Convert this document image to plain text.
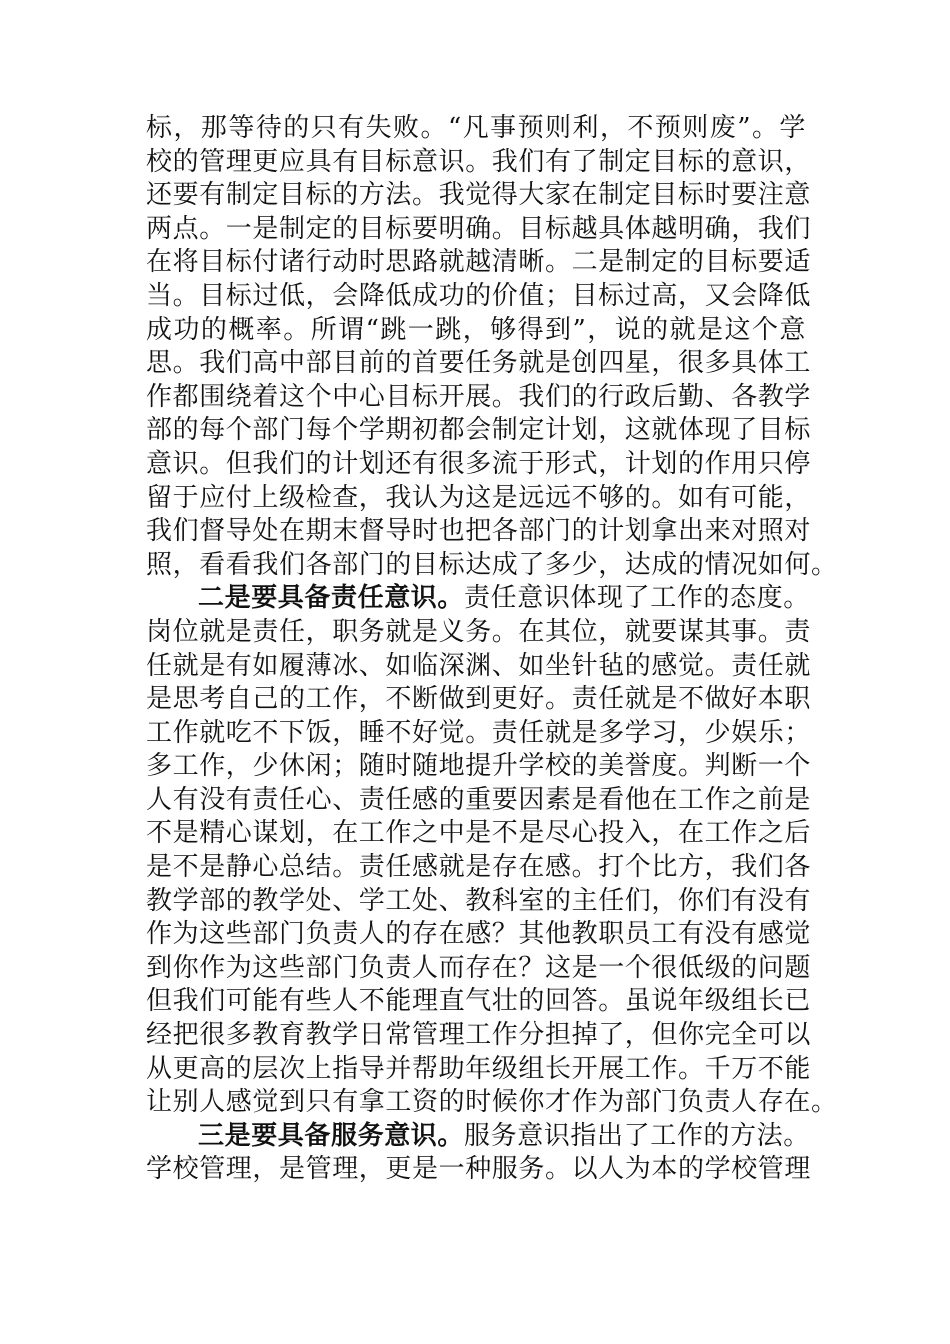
标，那等待的只有失败。“凡事预则利，不预则废”。学
校的管理更应具有目标意识。我们有了制定目标的意识，
还要有制定目标的方法。我觉得大家在制定目标时要注意
两点。一是制定的目标要明确。目标越具体越明确，我们
在将目标付诸行动时思路就越清晰。二是制定的目标要适
当。目标过低，会降低成功的价值；目标过高，又会降低
成功的概率。所谓“跳一跳，够得到”，说的就是这个意
思。我们高中部目前的首要任务就是创四星，很多具体工
作都围绕着这个中心目标开展。我们的行政后勤、各教学
部的每个部门每个学期初都会制定计划，这就体现了目标
意识。但我们的计划还有很多流于形式，计划的作用只停
留于应付上级检查，我认为这是远远不够的。如有可能，
我们督导处在期末督导时也把各部门的计划拿出来对照对
照，看看我们各部门的目标达成了多少，达成的情况如何。
二是要具备责任意识。责任意识体现了工作的态度。
岗位就是责任，职务就是义务。在其位，就要谋其事。责
任就是有如履薄冰、如临深渊、如坐针毡的感觉。责任就
是思考自己的工作，不断做到更好。责任就是不做好本职
工作就吃不下饭，睡不好觉。责任就是多学习，少娱乐；
多工作，少休闲；随时随地提升学校的美誉度。判断一个
人有没有责任心、责任感的重要因素是看他在工作之前是
不是精心谋划，在工作之中是不是尽心投入，在工作之后
是不是静心总结。责任感就是存在感。打个比方，我们各
教学部的教学处、学工处、教科室的主任们，你们有没有
作为这些部门负责人的存在感？其他教职员工有没有感觉
到你作为这些部门负责人而存在？这是一个很低级的问题
但我们可能有些人不能理直气壮的回答。虽说年级组长已
经把很多教育教学日常管理工作分担掉了，但你完全可以
从更高的层次上指导并帮助年级组长开展工作。千万不能
让别人感觉到只有拿工资的时候你才作为部门负责人存在。
三是要具备服务意识。服务意识指出了工作的方法。
学校管理，是管理，更是一种服务。以人为本的学校管理
